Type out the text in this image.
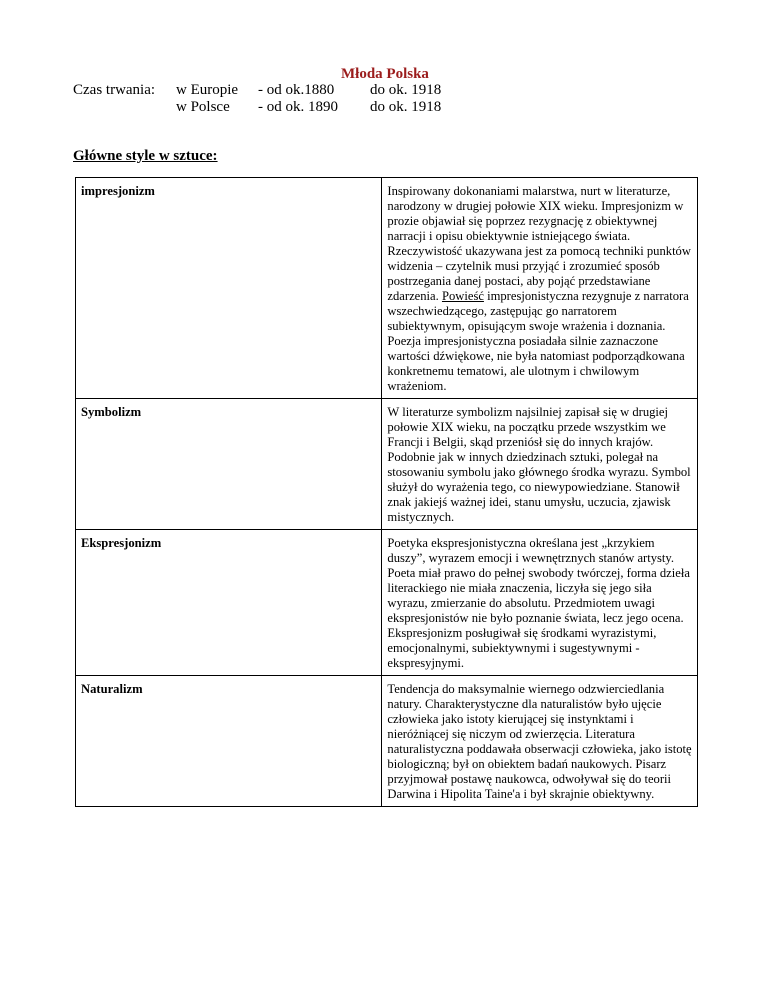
Młoda Polska
Czas trwania: w Europie - od ok.1880 do ok. 1918
w Polsce - od ok. 1890 do ok. 1918
Główne style w sztuce:
impresjonizm	Inspirowany dokonaniami malarstwa, nurt w literaturze, narodzony w drugiej połowie XIX wieku. Impresjonizm w prozie objawiał się poprzez rezygnację z obiektywnej narracji i opisu obiektywnie istniejącego świata. Rzeczywistość ukazywana jest za pomocą techniki punktów widzenia – czytelnik musi przyjąć i zrozumieć sposób postrzegania danej postaci, aby pojąć przedstawiane zdarzenia. Powieść impresjonistyczna rezygnuje z narratora wszechwiedzącego, zastępując go narratorem subiektywnym, opisującym swoje wrażenia i doznania. Poezja impresjonistyczna posiadała silnie zaznaczone wartości dźwiękowe, nie była natomiast podporządkowana konkretnemu tematowi, ale ulotnym i chwilowym wrażeniom.
Symbolizm	W literaturze symbolizm najsilniej zapisał się w drugiej połowie XIX wieku, na początku przede wszystkim we Francji i Belgii, skąd przeniósł się do innych krajów. Podobnie jak w innych dziedzinach sztuki, polegał na stosowaniu symbolu jako głównego środka wyrazu. Symbol służył do wyrażenia tego, co niewypowiedziane. Stanowił znak jakiejś ważnej idei, stanu umysłu, uczucia, zjawisk mistycznych.
Ekspresjonizm	Poetyka ekspresjonistyczna określana jest „krzykiem duszy”, wyrazem emocji i wewnętrznych stanów artysty. Poeta miał prawo do pełnej swobody twórczej, forma dzieła literackiego nie miała znaczenia, liczyła się jego siła wyrazu, zmierzanie do absolutu. Przedmiotem uwagi ekspresjonistów nie było poznanie świata, lecz jego ocena. Ekspresjonizm posługiwał się środkami wyrazistymi, emocjonalnymi, subiektywnymi i sugestywnymi - ekspresyjnymi.
Naturalizm	Tendencja do maksymalnie wiernego odzwierciedlania natury. Charakterystyczne dla naturalistów było ujęcie człowieka jako istoty kierującej się instynktami i nieróżniącej się niczym od zwierzęcia. Literatura naturalistyczna poddawała obserwacji człowieka, jako istotę biologiczną; był on obiektem badań naukowych. Pisarz przyjmował postawę naukowca, odwoływał się do teorii Darwina i Hipolita Taine'a i był skrajnie obiektywny.
